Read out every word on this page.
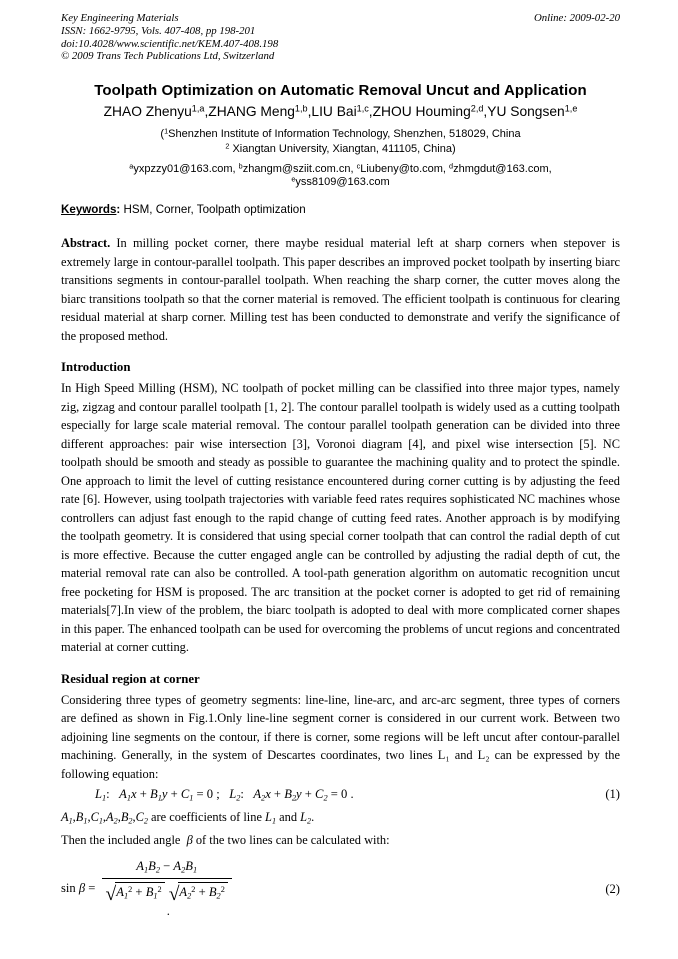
Key Engineering Materials
ISSN: 1662-9795, Vols. 407-408, pp 198-201
doi:10.4028/www.scientific.net/KEM.407-408.198
© 2009 Trans Tech Publications Ltd, Switzerland
Online: 2009-02-20
Toolpath Optimization on Automatic Removal Uncut and Application
ZHAO Zhenyu$^{1,a}$,ZHANG Meng$^{1,b}$,LIU Bai$^{1,c}$,ZHOU Houming$^{2,d}$,YU Songsen$^{1,e}$
($^1$Shenzhen Institute of Information Technology, Shenzhen, 518029, China
$^2$ Xiangtan University, Xiangtan, 411105, China)
$^a$yxpzzy01@163.com, $^b$zhangm@sziit.com.cn, $^c$Liubeny@to.com, $^d$zhmgdut@163.com,
$^e$yss8109@163.com
Keywords: HSM, Corner, Toolpath optimization

Abstract. In milling pocket corner, there maybe residual material left at sharp corners when stepover is extremely large in contour-parallel toolpath. This paper describes an improved pocket toolpath by inserting biarc transitions segments in contour-parallel toolpath. When reaching the sharp corner, the cutter moves along the biarc transitions toolpath so that the corner material is removed. The efficient toolpath is continuous for clearing residual material at sharp corner. Milling test has been conducted to demonstrate and verify the significance of the proposed method.

Introduction

In High Speed Milling (HSM), NC toolpath of pocket milling can be classified into three major types, namely zig, zigzag and contour parallel toolpath [1, 2]. The contour parallel toolpath is widely used as a cutting toolpath especially for large scale material removal. The contour parallel toolpath generation can be divided into three different approaches: pair wise intersection [3], Voronoi diagram [4], and pixel wise intersection [5]. NC toolpath should be smooth and steady as possible to guarantee the machining quality and to protect the spindle. One approach to limit the level of cutting resistance encountered during corner cutting is by adjusting the feed rate [6]. However, using toolpath trajectories with variable feed rates requires sophisticated NC machines whose controllers can adjust fast enough to the rapid change of cutting feed rates. Another approach is by modifying the toolpath geometry. It is considered that using special corner toolpath that can control the radial depth of cut is more effective. Because the cutter engaged angle can be controlled by adjusting the radial depth of cut, the material removal rate can also be controlled. A tool-path generation algorithm on automatic recognition uncut free pocketing for HSM is proposed. The arc transition at the pocket corner is adopted to get rid of remaining materials[7].In view of the problem, the biarc toolpath is adopted to deal with more complicated corner shapes in this paper. The enhanced toolpath can be used for overcoming the problems of uncut regions and concentrated material at corner cutting.

Residual region at corner

Considering three types of geometry segments: line-line, line-arc, and arc-arc segment, three types of corners are defined as shown in Fig.1.Only line-line segment corner is considered in our current work. Between two adjoining line segments on the contour, if there is corner, some regions will be left uncut after contour-parallel machining. Generally, in the system of Descartes coordinates, two lines L₁ and L₂ can be expressed by the following equation:

$L_1$:   $A_1x + B_1y + C_1 = 0$ ;   $L_2$:   $A_2x + B_2y + C_2 = 0$ .	(1)
$A_1,B_1,C_1,A_2,B_2,C_2$ are coefficients of line $L_1$ and $L_2$.
Then the included angle  β of the two lines can be calculated with:
sin β =
$A_1B_2 - A_2B_1$
√ $A_1^2 + B_1^2$ √ $A_2^2 + B_2^2$
.
(2)
